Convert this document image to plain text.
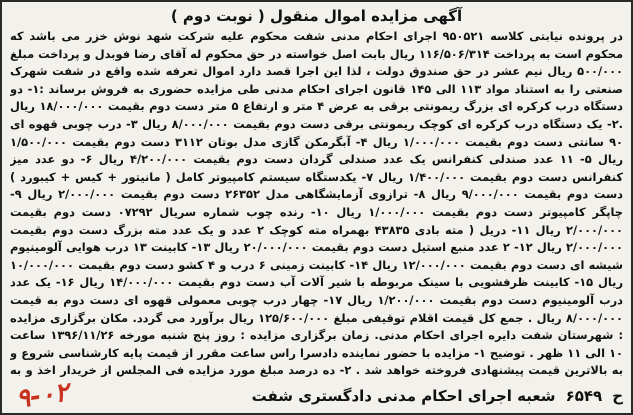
آگهی مزایده اموال منقول ( نوبت دوم )

در پرونده نیابتی کلاسه ۹۵۰۵۲۱ اجرای احکام مدنی شفت محکوم علیه شرکت شهد نوش خزر می باشد که محکوم است به پرداخت ۱۱۶/۵۰۶/۳۱۴ ریال بابت اصل خواسته در حق محکوم له آقای رضا فوبدل و پرداخت مبلغ ۵۰۰/۰۰۰ ریال نیم عشر در حق صندوق دولت ، لذا این اجرا قصد دارد اموال تعرفه شده واقع در شفت شهرک صنعتی را به استناد مواد ۱۱۳ الی ۱۴۵ قانون اجرای احکام مدنی طی مزایده حضوری به فروش برساند :۱- دو دستگاه درب کرکره ای بزرگ ریمونتی برقی به عرض ۴ متر و ارتفاع ۵ متر دست دوم بقیمت ۱۸/۰۰۰/۰۰۰ ریال .۲- یک دستگاه درب کرکره ای کوچک ریمونتی برقی دست دوم بقیمت ۸/۰۰۰/۰۰۰ ریال ۳- درب چوبی قهوه ای ۹۰ سانتی دست دوم بقیمت ۱/۰۰۰/۰۰۰ ریال ۴- آبگرمکن گازی مدل بوتان ۳۱۱۲ دست دوم بقیمت ۱/۵۰۰/۰۰۰ ریال ۵- ۱۱ عدد صندلی کنفرانس یک عدد صندلی گردان دست دوم بقیمت ۴/۲۰۰/۰۰۰ ریال ۶- دو عدد میز کنفرانس دست دوم بقیمت ۱/۴۰۰/۰۰۰ ریال ۷- یکدستگاه سیستم کامپیوتر کامل ( مانیتور + کیس + کیبورد ) دست دوم بقیمت ۹/۰۰۰/۰۰۰ ریال ۸- ترازوی آزمایشگاهی مدل ۲۶۳۵۲ دست دوم بقیمت ۲/۰۰۰/۰۰۰ ریال ۹- چاپگر کامپیوتر دست دوم بقیمت ۱/۰۰۰/۰۰۰ ریال ۱۰- رنده چوب شماره سریال ۰۷۲۹۲ دست دوم بقیمت ۲/۰۰۰/۰۰۰ ریال ۱۱- دریل ( مته بادی ۴۳۸۳۵ بهمراه مته کوچک ۲ عدد و یک عدد مته بزرگ دست دوم بقیمت ۲/۰۰۰/۰۰۰ ریال ۱۲- ۲ عدد منبع استیل دست دوم بقیمت ۲۰/۰۰۰/۰۰۰ ریال ۱۳- کابینت ۱۳ درب هوایی آلومینیوم شیشه ای دست دوم بقیمت ۱۲/۰۰۰/۰۰۰ ریال ۱۴- کابینت زمینی ۶ درب و ۴ کشو دست دوم بقیمت ۱۰/۰۰۰/۰۰۰ ریال ۱۵- کابینت ظرفشویی با سینک مربوطه با شیر آلات آب دست دوم بقیمت ۱۴/۰۰۰/۰۰۰ ریال ۱۶- یک عدد درب آلومینیوم دست دوم بقیمت ۱/۲۰۰/۰۰۰ ریال ۱۷- چهار درب چوبی معمولی قهوه ای دست دوم به قیمت ۸/۰۰۰/۰۰۰ ریال . جمع کل قیمت اقلام توقیفی مبلغ ۱۲۵/۶۰۰/۰۰۰ ریال برآورد می گردد. مکان برگزاری مزایده : شهرستان شفت دایره اجرای احکام مدنی. زمان برگزاری مزایده : روز پنج شنبه مورخه ۱۳۹۶/۱۱/۲۶ ساعت ۱۰ الی ۱۱ ظهر . توضیح ۱- مزایده با حضور نماینده دادسرا راس ساعت مقرر از قیمت پایه کارشناسی شروع و به بالاترین قیمت پیشنهادی فروخته خواهد شد . ۲- ده درصد مبلغ مورد مزایده فی المجلس از خریدار اخذ و به

ح
۶۵۴۹
شعبه اجرای احکام مدنی دادگستری شفت
۹-۰۲
